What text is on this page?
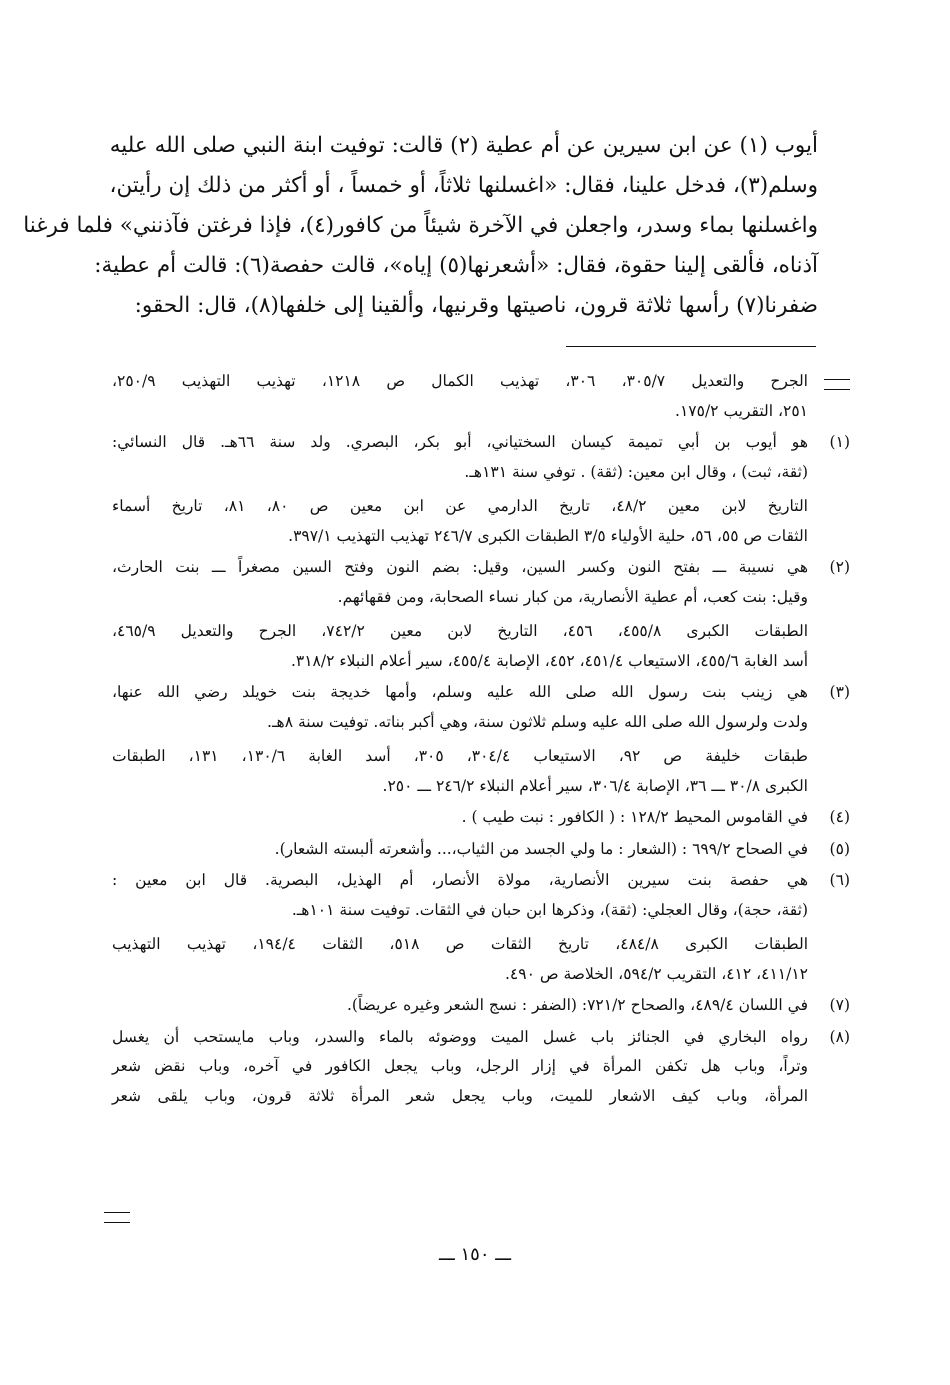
أيوب (١) عن ابن سيرين عن أم عطية (٢) قالت: توفيت ابنة النبي صلى الله عليه
وسلم(٣)، فدخل علينا، فقال: «اغسلنها ثلاثاً، أو خمساً ، أو أكثر من ذلك إن رأيتن،
واغسلنها بماء وسدر، واجعلن في الآخرة شيئاً من كافور(٤)، فإذا فرغتن فآذنني» فلما فرغنا
آذناه، فألقى إلينا حقوة، فقال: «أشعرنها(٥) إياه»، قالت حفصة(٦): قالت أم عطية:
ضفرنا(٧) رأسها ثلاثة قرون، ناصيتها وقرنيها، وألقينا إلى خلفها(٨)، قال: الحقو:
الجرح والتعديل ٣٠٥/٧، ٣٠٦، تهذيب الكمال ص ١٢١٨، تهذيب التهذيب ٢٥٠/٩،
٢٥١، التقريب ١٧٥/٢.
(١)
هو أيوب بن أبي تميمة كيسان السختياني، أبو بكر، البصري. ولد سنة ٦٦هـ. قال النسائي:
(ثقة، ثبت) ، وقال ابن معين: (ثقة) . توفي سنة ١٣١هـ.
التاريخ لابن معين ٤٨/٢، تاريخ الدارمي عن ابن معين ص ٨٠، ٨١، تاريخ أسماء
الثقات ص ٥٥، ٥٦، حلية الأولياء ٣/٥ الطبقات الكبرى ٢٤٦/٧ تهذيب التهذيب ٣٩٧/١.
(٢)
هي نسيبة ـــ بفتح النون وكسر السين، وقيل: بضم النون وفتح السين مصغراً ـــ بنت الحارث،
وقيل: بنت كعب، أم عطية الأنصارية، من كبار نساء الصحابة، ومن فقهائهم.
الطبقات الكبرى ٤٥٥/٨، ٤٥٦، التاريخ لابن معين ٧٤٢/٢، الجرح والتعديل ٤٦٥/٩،
أسد الغابة ٤٥٥/٦، الاستيعاب ٤٥١/٤، ٤٥٢، الإصابة ٤٥٥/٤، سير أعلام النبلاء ٣١٨/٢.
(٣)
هي زينب بنت رسول الله صلى الله عليه وسلم، وأمها خديجة بنت خويلد رضي الله عنها،
ولدت ولرسول الله صلى الله عليه وسلم ثلاثون سنة، وهي أكبر بناته. توفيت سنة ٨هـ.
طبقات خليفة ص ٩٢، الاستيعاب ٣٠٤/٤، ٣٠٥، أسد الغابة ١٣٠/٦، ١٣١، الطبقات
الكبرى ٣٠/٨ ـــ ٣٦، الإصابة ٣٠٦/٤، سير أعلام النبلاء ٢٤٦/٢ ـــ ٢٥٠.
(٤)
في القاموس المحيط ١٢٨/٢ : ( الكافور : نبت طيب ) .
(٥)
في الصحاح ٦٩٩/٢ : (الشعار : ما ولي الجسد من الثياب،... وأشعرته ألبسته الشعار).
(٦)
هي حفصة بنت سيرين الأنصارية، مولاة الأنصار، أم الهذيل، البصرية. قال ابن معين :
(ثقة، حجة)، وقال العجلي: (ثقة)، وذكرها ابن حبان في الثقات. توفيت سنة ١٠١هـ.
الطبقات الكبرى ٤٨٤/٨، تاريخ الثقات ص ٥١٨، الثقات ١٩٤/٤، تهذيب التهذيب
٤١١/١٢، ٤١٢، التقريب ٥٩٤/٢، الخلاصة ص ٤٩٠.
(٧)
في اللسان ٤٨٩/٤، والصحاح ٧٢١/٢: (الضفر : نسج الشعر وغيره عريضاً).
(٨)
رواه البخاري في الجنائز باب غسل الميت ووضوئه بالماء والسدر، وباب مايستحب أن يغسل
وتراً، وباب هل تكفن المرأة في إزار الرجل، وباب يجعل الكافور في آخره، وباب نقض شعر
المرأة، وباب كيف الاشعار للميت، وباب يجعل شعر المرأة ثلاثة قرون، وباب يلقى شعر
ـــ ١٥٠ ـــ
